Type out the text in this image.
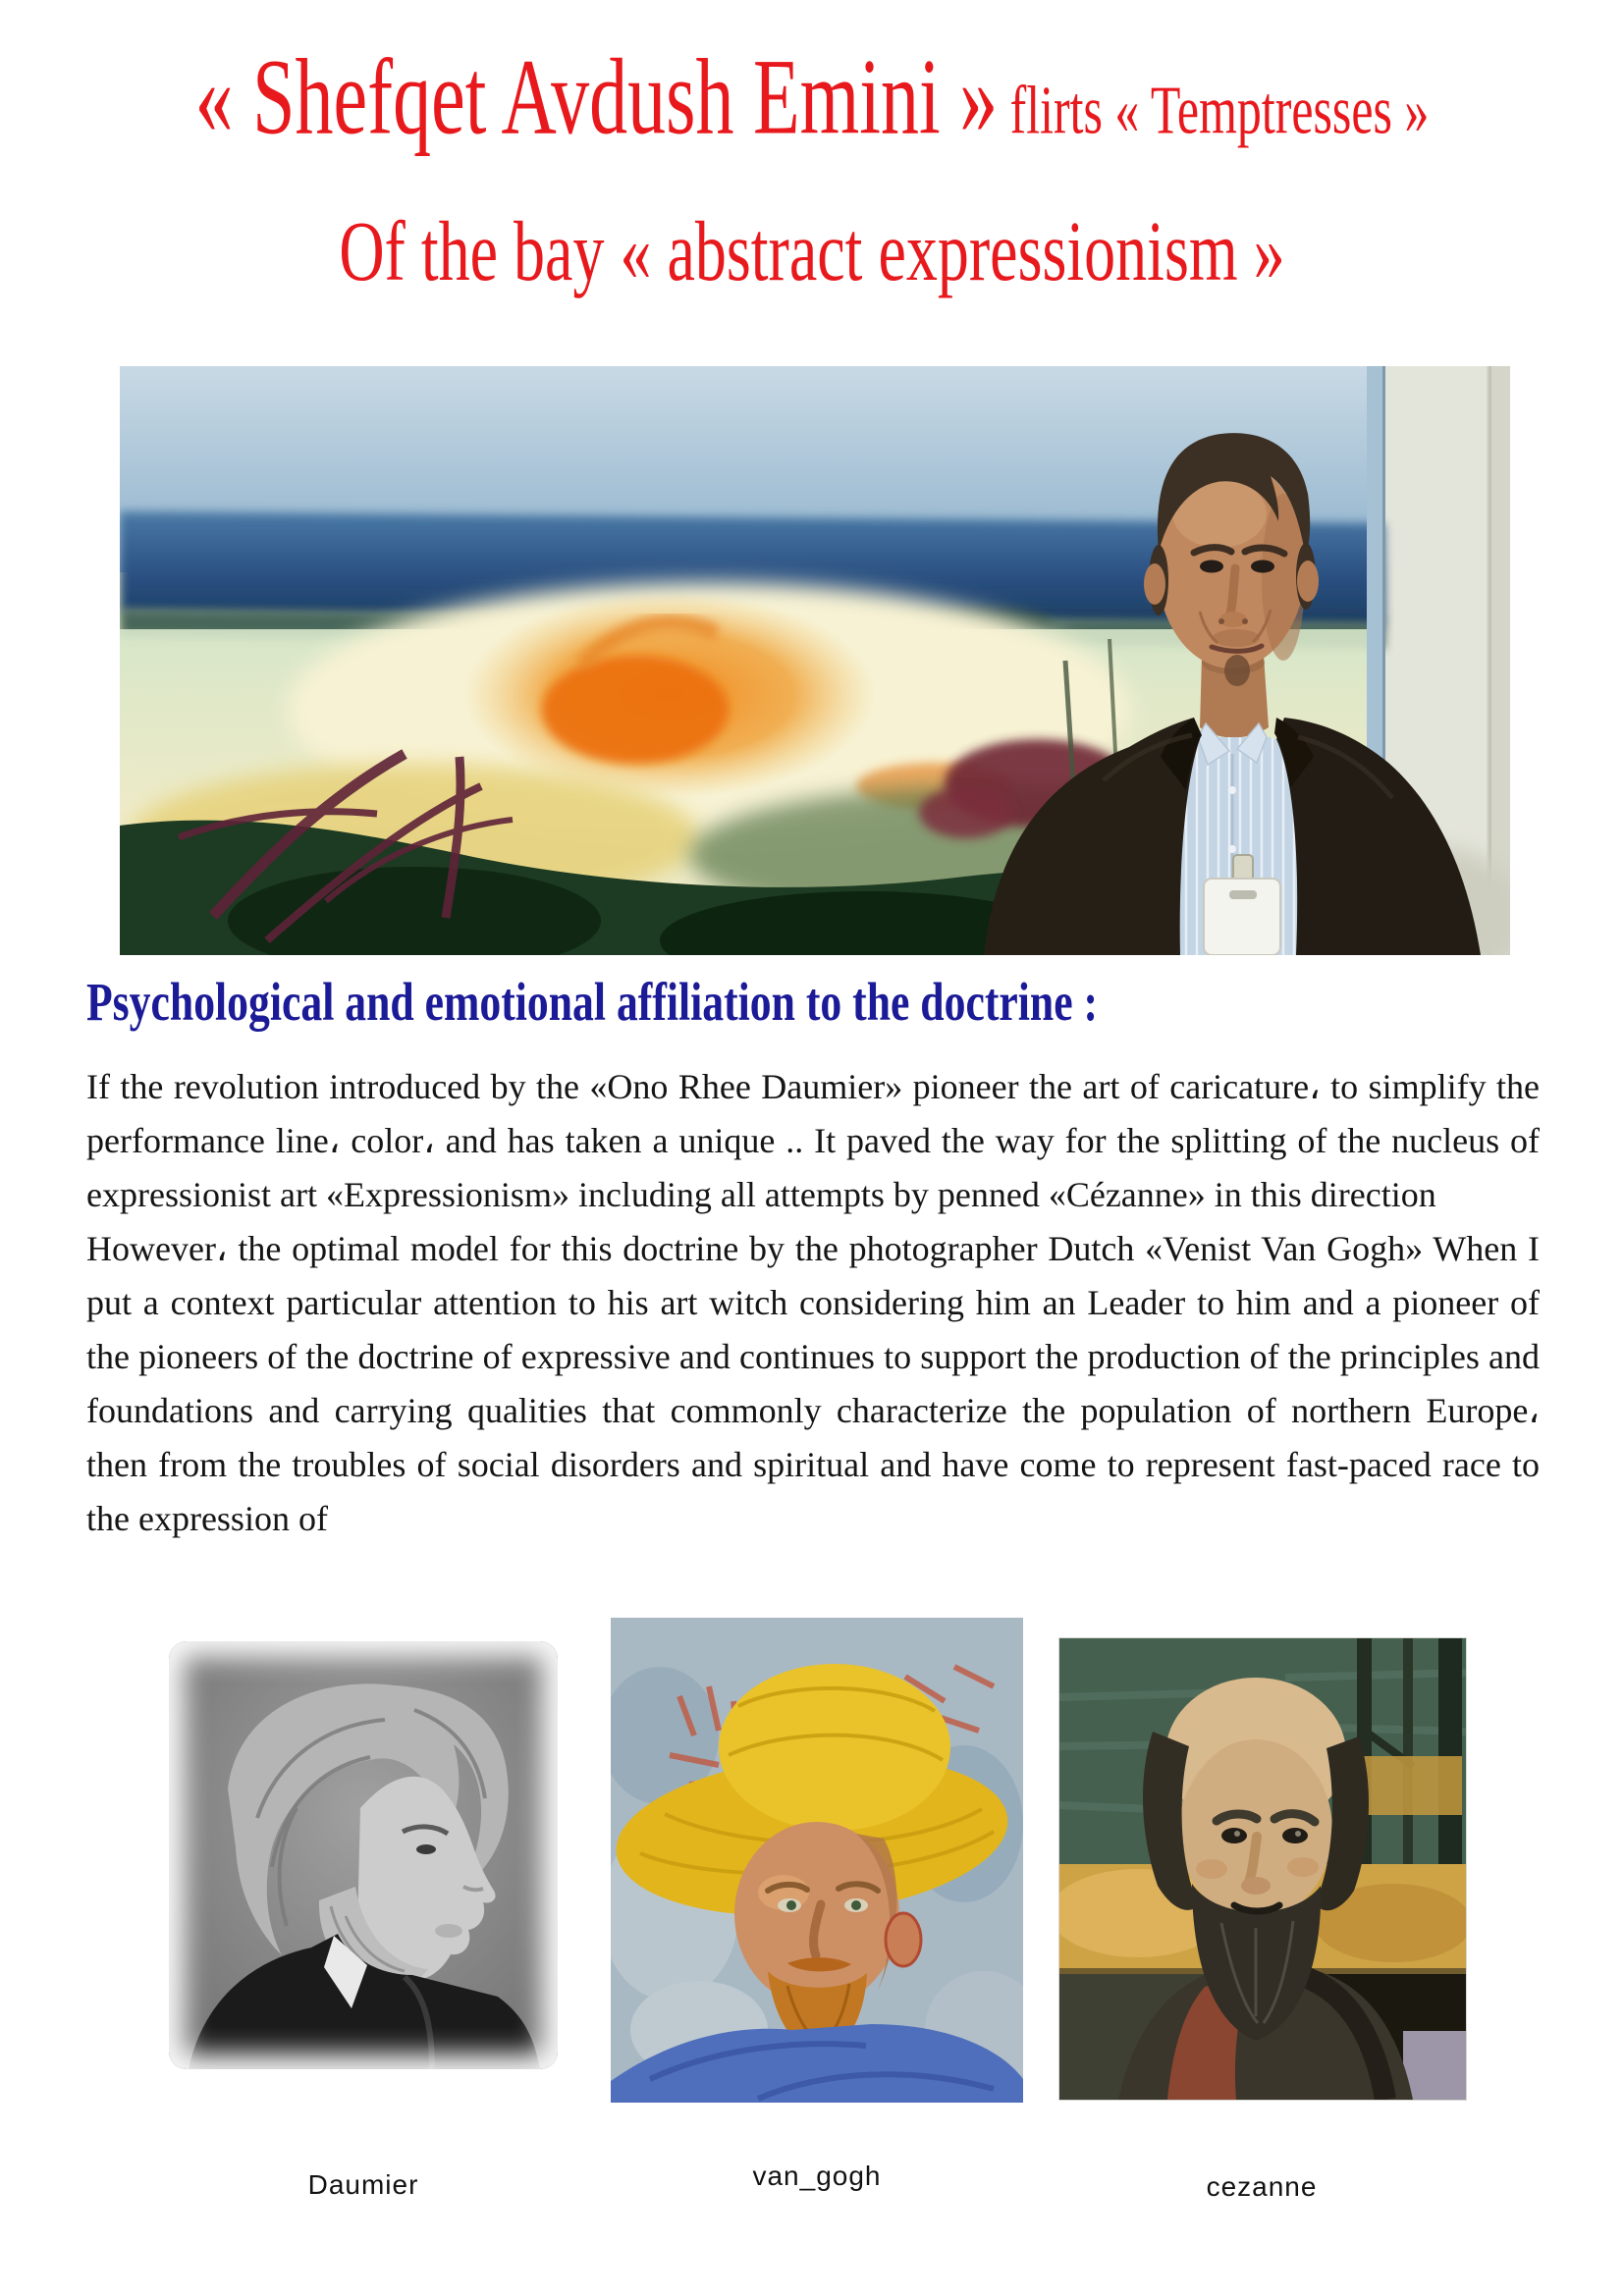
« Shefqet Avdush Emini » flirts « Temptresses »
Of the bay « abstract expressionism »
Psychological and emotional affiliation to the doctrine :

If the revolution introduced by the «Ono Rhee Daumier» pioneer the art of caricature، to simplify the performance line، color، and has taken a unique .. It paved the way for the splitting of the nucleus of expressionist art «Expressionism» including all attempts by penned «Cézanne» in this direction

However، the optimal model for this doctrine by the photographer Dutch «Venist Van Gogh» When I put a context particular attention to his art witch considering him an Leader to him and a pioneer of the pioneers of the doctrine of expressive and continues to support the production of the principles and foundations and carrying qualities that commonly characterize the population of northern Europe، then from the troubles of social disorders and spiritual and have come to represent fast-paced race to the expression of

Daumier	van_gogh	cezanne
